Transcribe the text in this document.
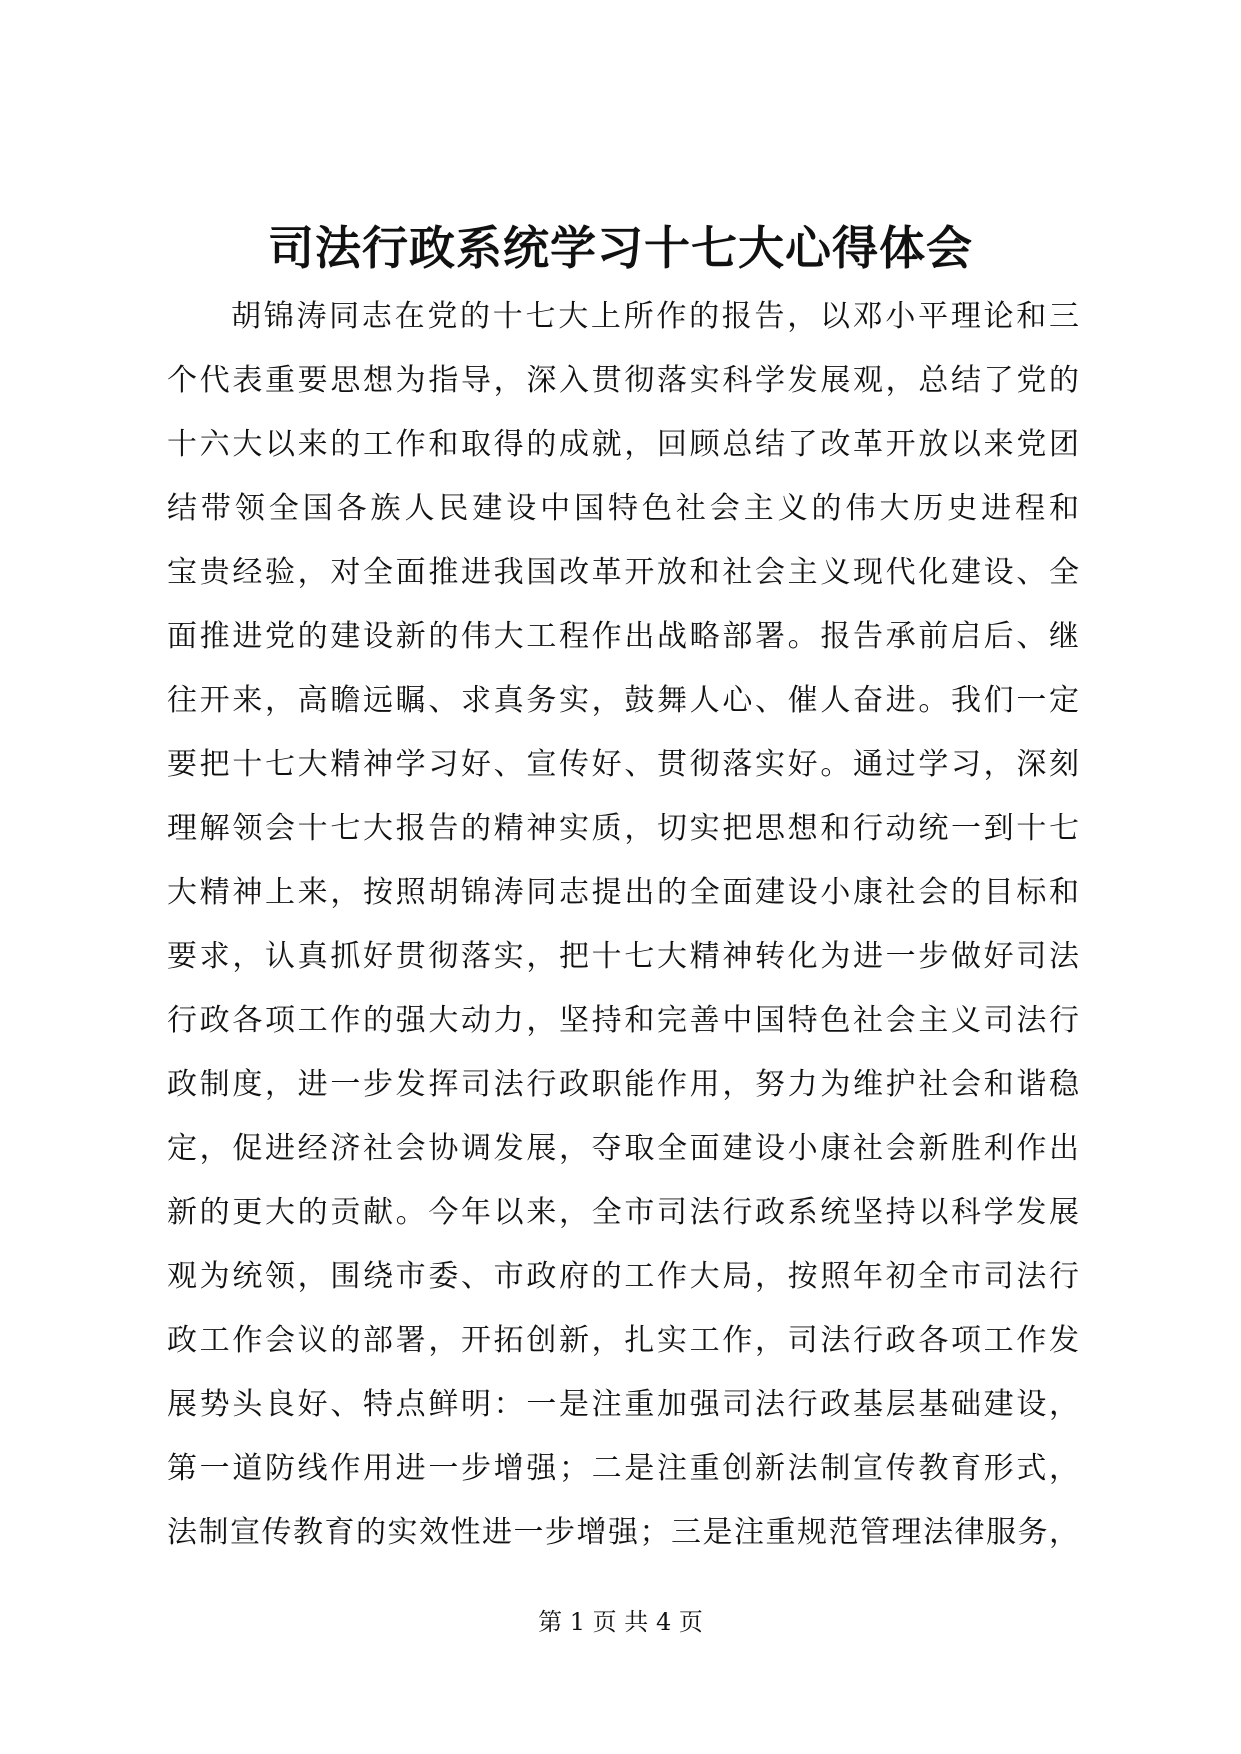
司法行政系统学习十七大心得体会
胡锦涛同志在党的十七大上所作的报告，以邓小平理论和三
个代表重要思想为指导，深入贯彻落实科学发展观，总结了党的
十六大以来的工作和取得的成就，回顾总结了改革开放以来党团
结带领全国各族人民建设中国特色社会主义的伟大历史进程和
宝贵经验，对全面推进我国改革开放和社会主义现代化建设、全
面推进党的建设新的伟大工程作出战略部署。报告承前启后、继
往开来，高瞻远瞩、求真务实，鼓舞人心、催人奋进。我们一定
要把十七大精神学习好、宣传好、贯彻落实好。通过学习，深刻
理解领会十七大报告的精神实质，切实把思想和行动统一到十七
大精神上来，按照胡锦涛同志提出的全面建设小康社会的目标和
要求，认真抓好贯彻落实，把十七大精神转化为进一步做好司法
行政各项工作的强大动力，坚持和完善中国特色社会主义司法行
政制度，进一步发挥司法行政职能作用，努力为维护社会和谐稳
定，促进经济社会协调发展，夺取全面建设小康社会新胜利作出
新的更大的贡献。今年以来，全市司法行政系统坚持以科学发展
观为统领，围绕市委、市政府的工作大局，按照年初全市司法行
政工作会议的部署，开拓创新，扎实工作，司法行政各项工作发
展势头良好、特点鲜明：一是注重加强司法行政基层基础建设，
第一道防线作用进一步增强；二是注重创新法制宣传教育形式，
法制宣传教育的实效性进一步增强；三是注重规范管理法律服务，
第 1 页 共 4 页
